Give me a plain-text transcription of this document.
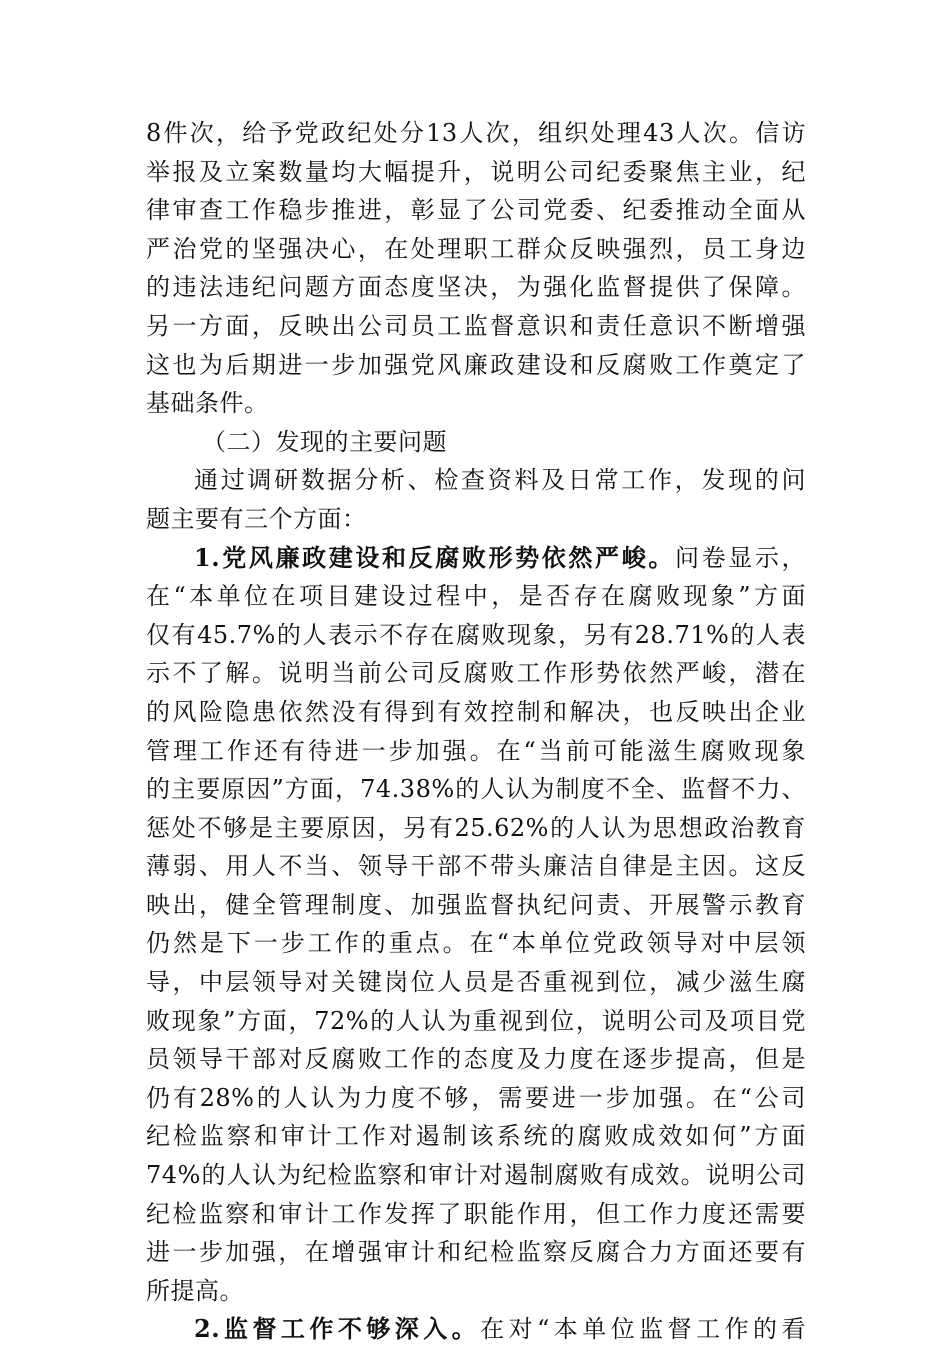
8件次，给予党政纪处分13人次，组织处理43人次。信访
举报及立案数量均大幅提升，说明公司纪委聚焦主业，纪
律审查工作稳步推进，彰显了公司党委、纪委推动全面从
严治党的坚强决心，在处理职工群众反映强烈，员工身边
的违法违纪问题方面态度坚决，为强化监督提供了保障。
另一方面，反映出公司员工监督意识和责任意识不断增强
这也为后期进一步加强党风廉政建设和反腐败工作奠定了
基础条件。
（二）发现的主要问题
通过调研数据分析、检查资料及日常工作，发现的问
题主要有三个方面：
1.党风廉政建设和反腐败形势依然严峻。问卷显示，
在“本单位在项目建设过程中，是否存在腐败现象”方面
仅有45.7%的人表示不存在腐败现象，另有28.71%的人表
示不了解。说明当前公司反腐败工作形势依然严峻，潜在
的风险隐患依然没有得到有效控制和解决，也反映出企业
管理工作还有待进一步加强。在“当前可能滋生腐败现象
的主要原因”方面，74.38%的人认为制度不全、监督不力、
惩处不够是主要原因，另有25.62%的人认为思想政治教育
薄弱、用人不当、领导干部不带头廉洁自律是主因。这反
映出，健全管理制度、加强监督执纪问责、开展警示教育
仍然是下一步工作的重点。在“本单位党政领导对中层领
导，中层领导对关键岗位人员是否重视到位，减少滋生腐
败现象”方面，72%的人认为重视到位，说明公司及项目党
员领导干部对反腐败工作的态度及力度在逐步提高，但是
仍有28%的人认为力度不够，需要进一步加强。在“公司
纪检监察和审计工作对遏制该系统的腐败成效如何”方面
74%的人认为纪检监察和审计对遏制腐败有成效。说明公司
纪检监察和审计工作发挥了职能作用，但工作力度还需要
进一步加强，在增强审计和纪检监察反腐合力方面还要有
所提高。
2.监督工作不够深入。在对“本单位监督工作的看
